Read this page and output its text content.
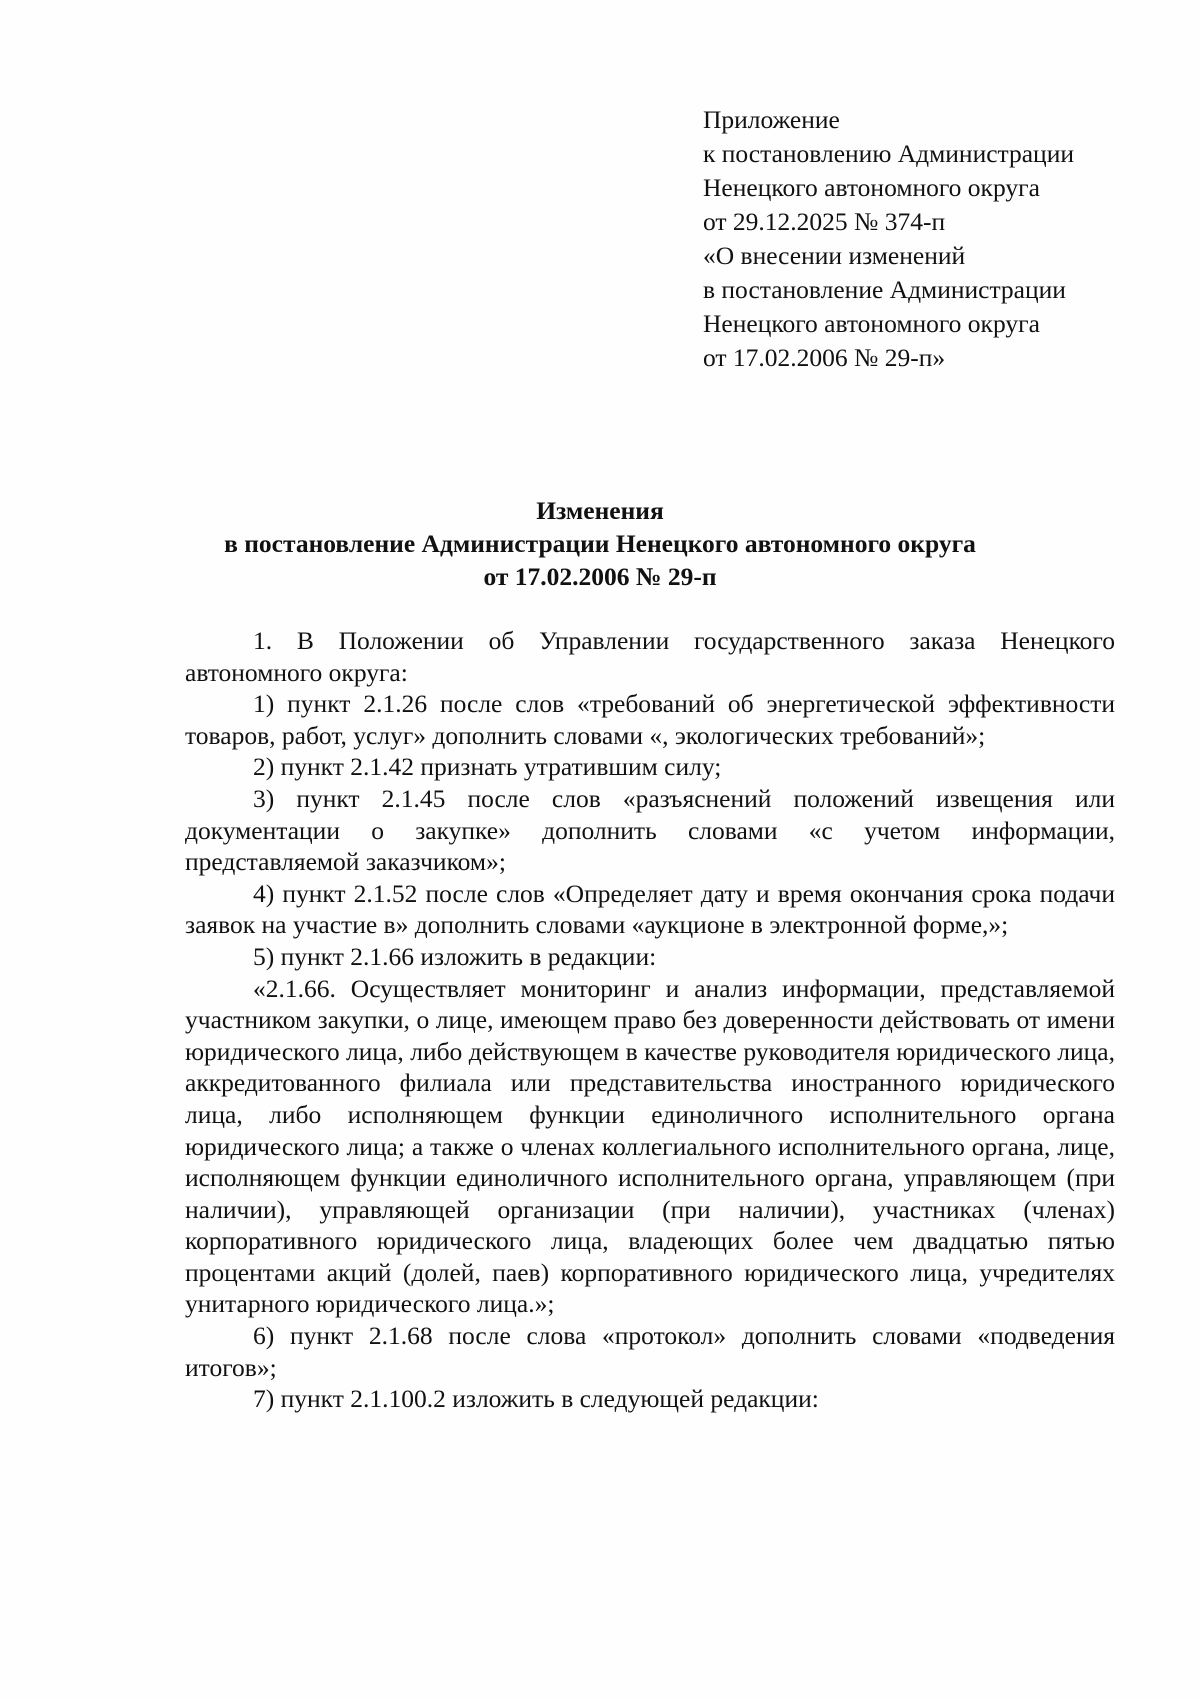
Приложение
к постановлению Администрации
Ненецкого автономного округа
от 29.12.2025 № 374-п
«О внесении изменений
в постановление Администрации
Ненецкого автономного округа
от 17.02.2006 № 29-п»
Изменения
в постановление Администрации Ненецкого автономного округа
от 17.02.2006 № 29-п

1. В Положении об Управлении государственного заказа Ненецкого автономного округа:

1) пункт 2.1.26 после слов «требований об энергетической эффективности товаров, работ, услуг» дополнить словами «, экологических требований»;

2) пункт 2.1.42 признать утратившим силу;

3) пункт 2.1.45 после слов «разъяснений положений извещения или документации о закупке» дополнить словами «с учетом информации, представляемой заказчиком»;

4) пункт 2.1.52 после слов «Определяет дату и время окончания срока подачи заявок на участие в» дополнить словами «аукционе в электронной форме,»;

5) пункт 2.1.66 изложить в редакции:

«2.1.66. Осуществляет мониторинг и анализ информации, представляемой участником закупки, о лице, имеющем право без доверенности действовать от имени юридического лица, либо действующем в качестве руководителя юридического лица, аккредитованного филиала или представительства иностранного юридического лица, либо исполняющем функции единоличного исполнительного органа юридического лица; а также о членах коллегиального исполнительного органа, лице, исполняющем функции единоличного исполнительного органа, управляющем (при наличии), управляющей организации (при наличии), участниках (членах) корпоративного юридического лица, владеющих более чем двадцатью пятью процентами акций (долей, паев) корпоративного юридического лица, учредителях унитарного юридического лица.»;

6) пункт 2.1.68 после слова «протокол» дополнить словами «подведения итогов»;

7) пункт 2.1.100.2 изложить в следующей редакции:
